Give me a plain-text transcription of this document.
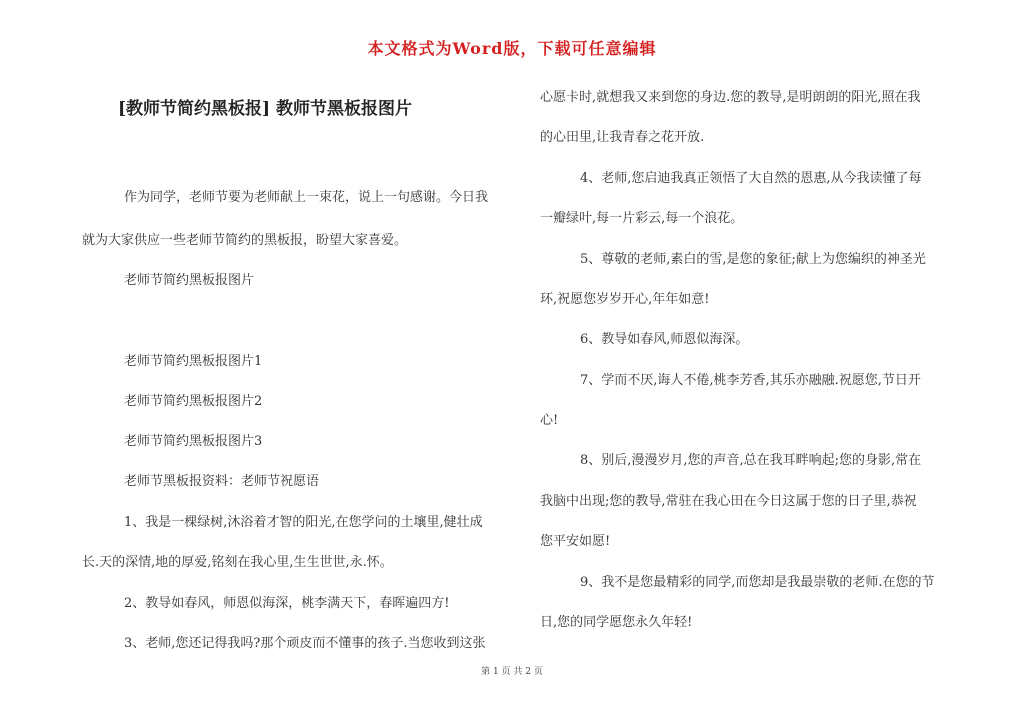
本文格式为Word版，下载可任意编辑
[教师节简约黑板报] 教师节黑板报图片
作为同学，老师节要为老师献上一束花，说上一句感谢。今日我
就为大家供应一些老师节简约的黑板报，盼望大家喜爱。
老师节简约黑板报图片
老师节简约黑板报图片1
老师节简约黑板报图片2
老师节简约黑板报图片3
老师节黑板报资料：老师节祝愿语
1、我是一棵绿树,沐浴着才智的阳光,在您学问的土壤里,健壮成
长.天的深情,地的厚爱,铭刻在我心里,生生世世,永.怀。
2、教导如春风，师恩似海深，桃李满天下，春晖遍四方!
3、老师,您还记得我吗?那个顽皮而不懂事的孩子.当您收到这张
心愿卡时,就想我又来到您的身边.您的教导,是明朗朗的阳光,照在我
的心田里,让我青春之花开放.
4、老师,您启迪我真正领悟了大自然的恩惠,从今我读懂了每
一瓣绿叶,每一片彩云,每一个浪花。
5、尊敬的老师,素白的雪,是您的象征;献上为您编织的神圣光
环,祝愿您岁岁开心,年年如意!
6、教导如春风,师恩似海深。
7、学而不厌,诲人不倦,桃李芳香,其乐亦融融.祝愿您,节日开
心!
8、别后,漫漫岁月,您的声音,总在我耳畔响起;您的身影,常在
我脑中出现;您的教导,常驻在我心田在今日这属于您的日子里,恭祝
您平安如愿!
9、我不是您最精彩的同学,而您却是我最崇敬的老师.在您的节
日,您的同学愿您永久年轻!
第 1 页 共 2 页
